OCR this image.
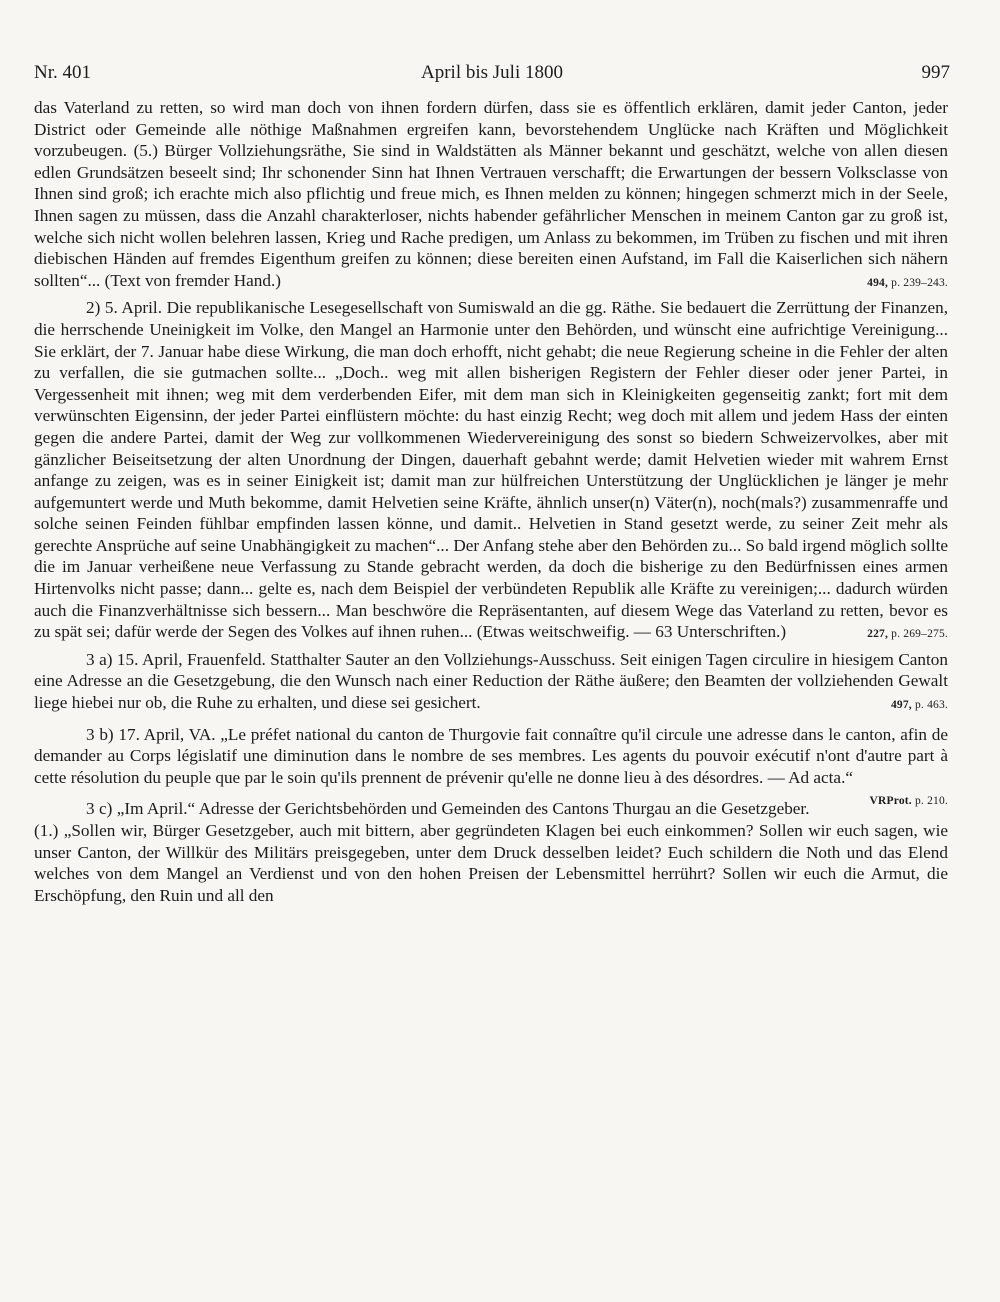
Nr. 401	April bis Juli 1800	997

das Vaterland zu retten, so wird man doch von ihnen fordern dürfen, dass sie es öffentlich erklären, damit jeder Canton, jeder District oder Gemeinde alle nöthige Maßnahmen ergreifen kann, bevorstehendem Unglücke nach Kräften und Möglichkeit vorzubeugen. (5.) Bürger Vollziehungsräthe, Sie sind in Waldstätten als Männer bekannt und geschätzt, welche von allen diesen edlen Grundsätzen beseelt sind; Ihr schonender Sinn hat Ihnen Vertrauen verschafft; die Erwartungen der bessern Volksclasse von Ihnen sind groß; ich erachte mich also pflichtig und freue mich, es Ihnen melden zu können; hingegen schmerzt mich in der Seele, Ihnen sagen zu müssen, dass die Anzahl charakterloser, nichts habender gefährlicher Menschen in meinem Canton gar zu groß ist, welche sich nicht wollen belehren lassen, Krieg und Rache predigen, um Anlass zu bekommen, im Trüben zu fischen und mit ihren diebischen Händen auf fremdes Eigenthum greifen zu können; diese bereiten einen Aufstand, im Fall die Kaiserlichen sich nähern sollten“... (Text von fremder Hand.)	494, p. 239–243.

2) 5. April. Die republikanische Lesegesellschaft von Sumiswald an die gg. Räthe. Sie bedauert die Zerrüttung der Finanzen, die herrschende Uneinigkeit im Volke, den Mangel an Harmonie unter den Behörden, und wünscht eine aufrichtige Vereinigung... Sie erklärt, der 7. Januar habe diese Wirkung, die man doch erhofft, nicht gehabt; die neue Regierung scheine in die Fehler der alten zu verfallen, die sie gutmachen sollte... „Doch.. weg mit allen bisherigen Registern der Fehler dieser oder jener Partei, in Vergessenheit mit ihnen; weg mit dem verderbenden Eifer, mit dem man sich in Kleinigkeiten gegenseitig zankt; fort mit dem verwünschten Eigensinn, der jeder Partei einflüstern möchte: du hast einzig Recht; weg doch mit allem und jedem Hass der einten gegen die andere Partei, damit der Weg zur vollkommenen Wiedervereinigung des sonst so biedern Schweizervolkes, aber mit gänzlicher Beiseitsetzung der alten Unordnung der Dingen, dauerhaft gebahnt werde; damit Helvetien wieder mit wahrem Ernst anfange zu zeigen, was es in seiner Einigkeit ist; damit man zur hülfreichen Unterstützung der Unglücklichen je länger je mehr aufgemuntert werde und Muth bekomme, damit Helvetien seine Kräfte, ähnlich unser(n) Väter(n), noch(mals?) zusammenraffe und solche seinen Feinden fühlbar empfinden lassen könne, und damit.. Helvetien in Stand gesetzt werde, zu seiner Zeit mehr als gerechte Ansprüche auf seine Unabhängigkeit zu machen“... Der Anfang stehe aber den Behörden zu... So bald irgend möglich sollte die im Januar verheißene neue Verfassung zu Stande gebracht werden, da doch die bisherige zu den Bedürfnissen eines armen Hirtenvolks nicht passe; dann... gelte es, nach dem Beispiel der verbündeten Republik alle Kräfte zu vereinigen;... dadurch würden auch die Finanzverhältnisse sich bessern... Man beschwöre die Repräsentanten, auf diesem Wege das Vaterland zu retten, bevor es zu spät sei; dafür werde der Segen des Volkes auf ihnen ruhen... (Etwas weitschweifig. — 63 Unterschriften.)	227, p. 269–275.

3 a) 15. April, Frauenfeld. Statthalter Sauter an den Vollziehungs-Ausschuss. Seit einigen Tagen circulire in hiesigem Canton eine Adresse an die Gesetzgebung, die den Wunsch nach einer Reduction der Räthe äußere; den Beamten der vollziehenden Gewalt liege hiebei nur ob, die Ruhe zu erhalten, und diese sei gesichert.	497, p. 463.

3 b) 17. April, VA. „Le préfet national du canton de Thurgovie fait connaître qu'il circule une adresse dans le canton, afin de demander au Corps législatif une diminution dans le nombre de ses membres. Les agents du pouvoir exécutif n'ont d'autre part à cette résolution du peuple que par le soin qu'ils prennent de prévenir qu'elle ne donne lieu à des désordres. — Ad acta.“
VRProt. p. 210.

3 c) „Im April.“ Adresse der Gerichtsbehörden und Gemeinden des Cantons Thurgau an die Gesetzgeber. (1.) „Sollen wir, Bürger Gesetzgeber, auch mit bittern, aber gegründeten Klagen bei euch einkommen? Sollen wir euch sagen, wie unser Canton, der Willkür des Militärs preisgegeben, unter dem Druck desselben leidet? Euch schildern die Noth und das Elend welches von dem Mangel an Verdienst und von den hohen Preisen der Lebensmittel herrührt? Sollen wir euch die Armut, die Erschöpfung, den Ruin und all den
